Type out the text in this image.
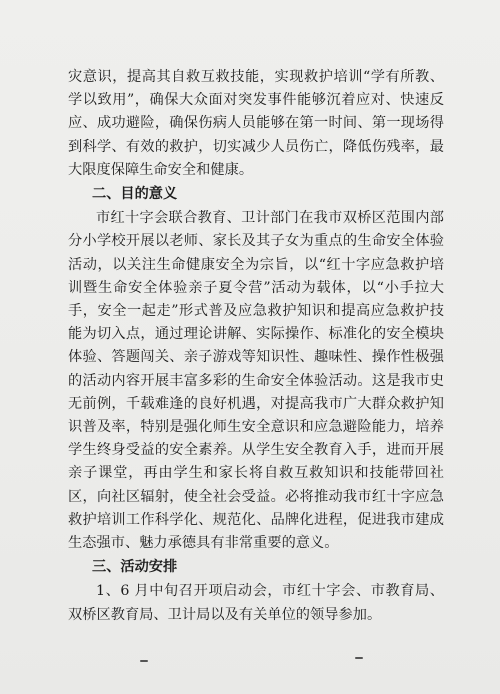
灾意识，提高其自救互救技能，实现救护培训“学有所教、学以致用”，确保大众面对突发事件能够沉着应对、快速反应、成功避险，确保伤病人员能够在第一时间、第一现场得到科学、有效的救护，切实减少人员伤亡，降低伤残率，最大限度保障生命安全和健康。

二、目的意义

市红十字会联合教育、卫计部门在我市双桥区范围内部分小学校开展以老师、家长及其子女为重点的生命安全体验活动，以关注生命健康安全为宗旨，以“红十字应急救护培训暨生命安全体验亲子夏令营”活动为载体，以“小手拉大手，安全一起走”形式普及应急救护知识和提高应急救护技能为切入点，通过理论讲解、实际操作、标准化的安全模块体验、答题闯关、亲子游戏等知识性、趣味性、操作性极强的活动内容开展丰富多彩的生命安全体验活动。这是我市史无前例，千载难逢的良好机遇，对提高我市广大群众救护知识普及率，特别是强化师生安全意识和应急避险能力，培养学生终身受益的安全素养。从学生安全教育入手，进而开展亲子课堂，再由学生和家长将自救互救知识和技能带回社区，向社区辐射，使全社会受益。必将推动我市红十字应急救护培训工作科学化、规范化、品牌化进程，促进我市建成生态强市、魅力承德具有非常重要的意义。

三、活动安排

1、6 月中旬召开项启动会，市红十字会、市教育局、双桥区教育局、卫计局以及有关单位的领导参加。
